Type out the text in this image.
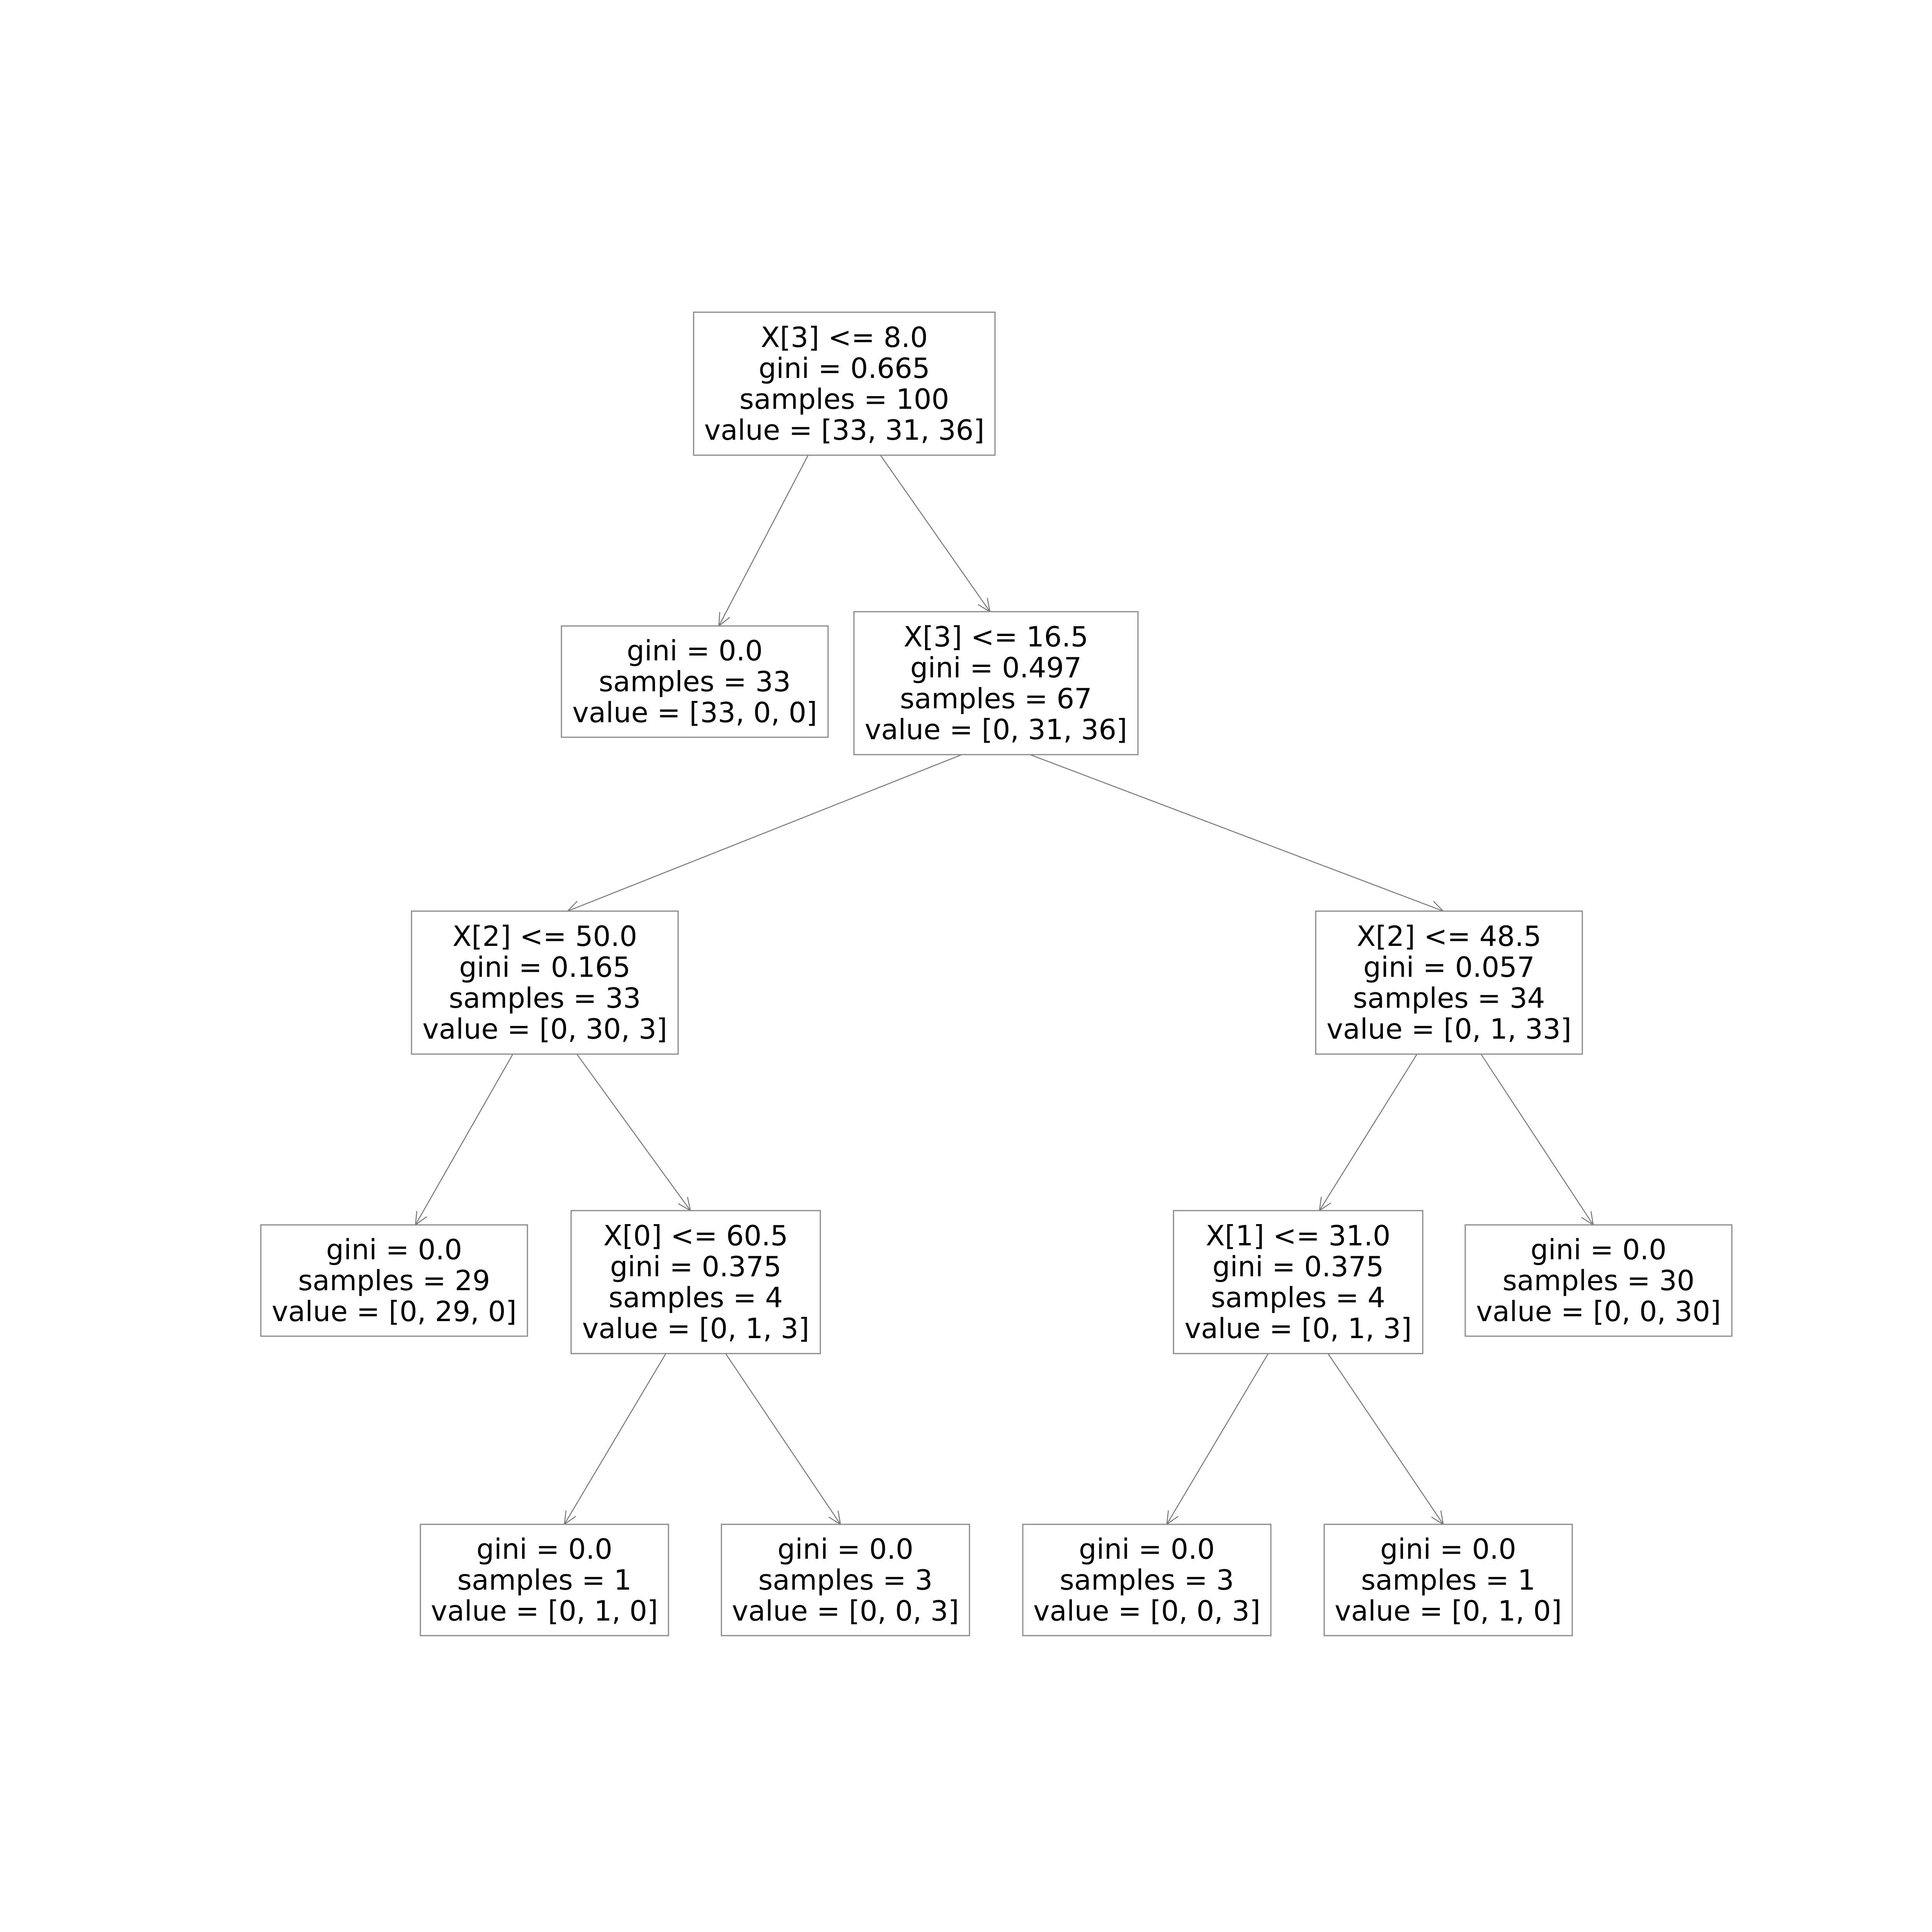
X[3] <= 8.0
gini = 0.665
samples = 100
value = [33, 31, 36]
gini = 0.0
samples = 33
value = [33, 0, 0]
X[3] <= 16.5
gini = 0.497
samples = 67
value = [0, 31, 36]
X[2] <= 50.0
gini = 0.165
samples = 33
value = [0, 30, 3]
X[2] <= 48.5
gini = 0.057
samples = 34
value = [0, 1, 33]
gini = 0.0
samples = 29
value = [0, 29, 0]
X[0] <= 60.5
gini = 0.375
samples = 4
value = [0, 1, 3]
X[1] <= 31.0
gini = 0.375
samples = 4
value = [0, 1, 3]
gini = 0.0
samples = 30
value = [0, 0, 30]
gini = 0.0
samples = 1
value = [0, 1, 0]
gini = 0.0
samples = 3
value = [0, 0, 3]
gini = 0.0
samples = 3
value = [0, 0, 3]
gini = 0.0
samples = 1
value = [0, 1, 0]
